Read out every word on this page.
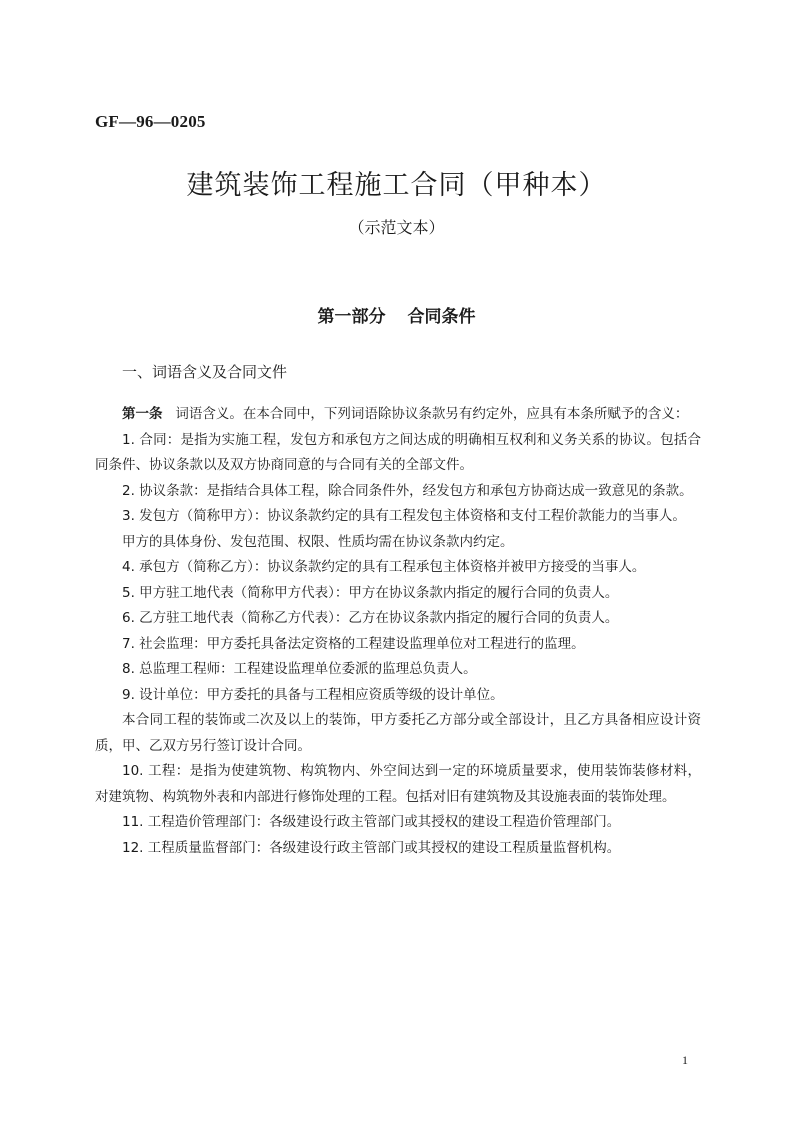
GF—96—0205
建筑装饰工程施工合同（甲种本）
（示范文本）
第一部分 合同条件
一、词语含义及合同文件

第一条 词语含义。在本合同中，下列词语除协议条款另有约定外，应具有本条所赋予的含义：

1. 合同：是指为实施工程，发包方和承包方之间达成的明确相互权利和义务关系的协议。包括合同条件、协议条款以及双方协商同意的与合同有关的全部文件。

2. 协议条款：是指结合具体工程，除合同条件外，经发包方和承包方协商达成一致意见的条款。

3. 发包方（简称甲方）：协议条款约定的具有工程发包主体资格和支付工程价款能力的当事人。

甲方的具体身份、发包范围、权限、性质均需在协议条款内约定。

4. 承包方（简称乙方）：协议条款约定的具有工程承包主体资格并被甲方接受的当事人。

5. 甲方驻工地代表（简称甲方代表）：甲方在协议条款内指定的履行合同的负责人。

6. 乙方驻工地代表（简称乙方代表）：乙方在协议条款内指定的履行合同的负责人。

7. 社会监理：甲方委托具备法定资格的工程建设监理单位对工程进行的监理。

8. 总监理工程师：工程建设监理单位委派的监理总负责人。

9. 设计单位：甲方委托的具备与工程相应资质等级的设计单位。

本合同工程的装饰或二次及以上的装饰，甲方委托乙方部分或全部设计，且乙方具备相应设计资质，甲、乙双方另行签订设计合同。

10. 工程：是指为使建筑物、构筑物内、外空间达到一定的环境质量要求，使用装饰装修材料，对建筑物、构筑物外表和内部进行修饰处理的工程。包括对旧有建筑物及其设施表面的装饰处理。

11. 工程造价管理部门：各级建设行政主管部门或其授权的建设工程造价管理部门。

12. 工程质量监督部门：各级建设行政主管部门或其授权的建设工程质量监督机构。

1
